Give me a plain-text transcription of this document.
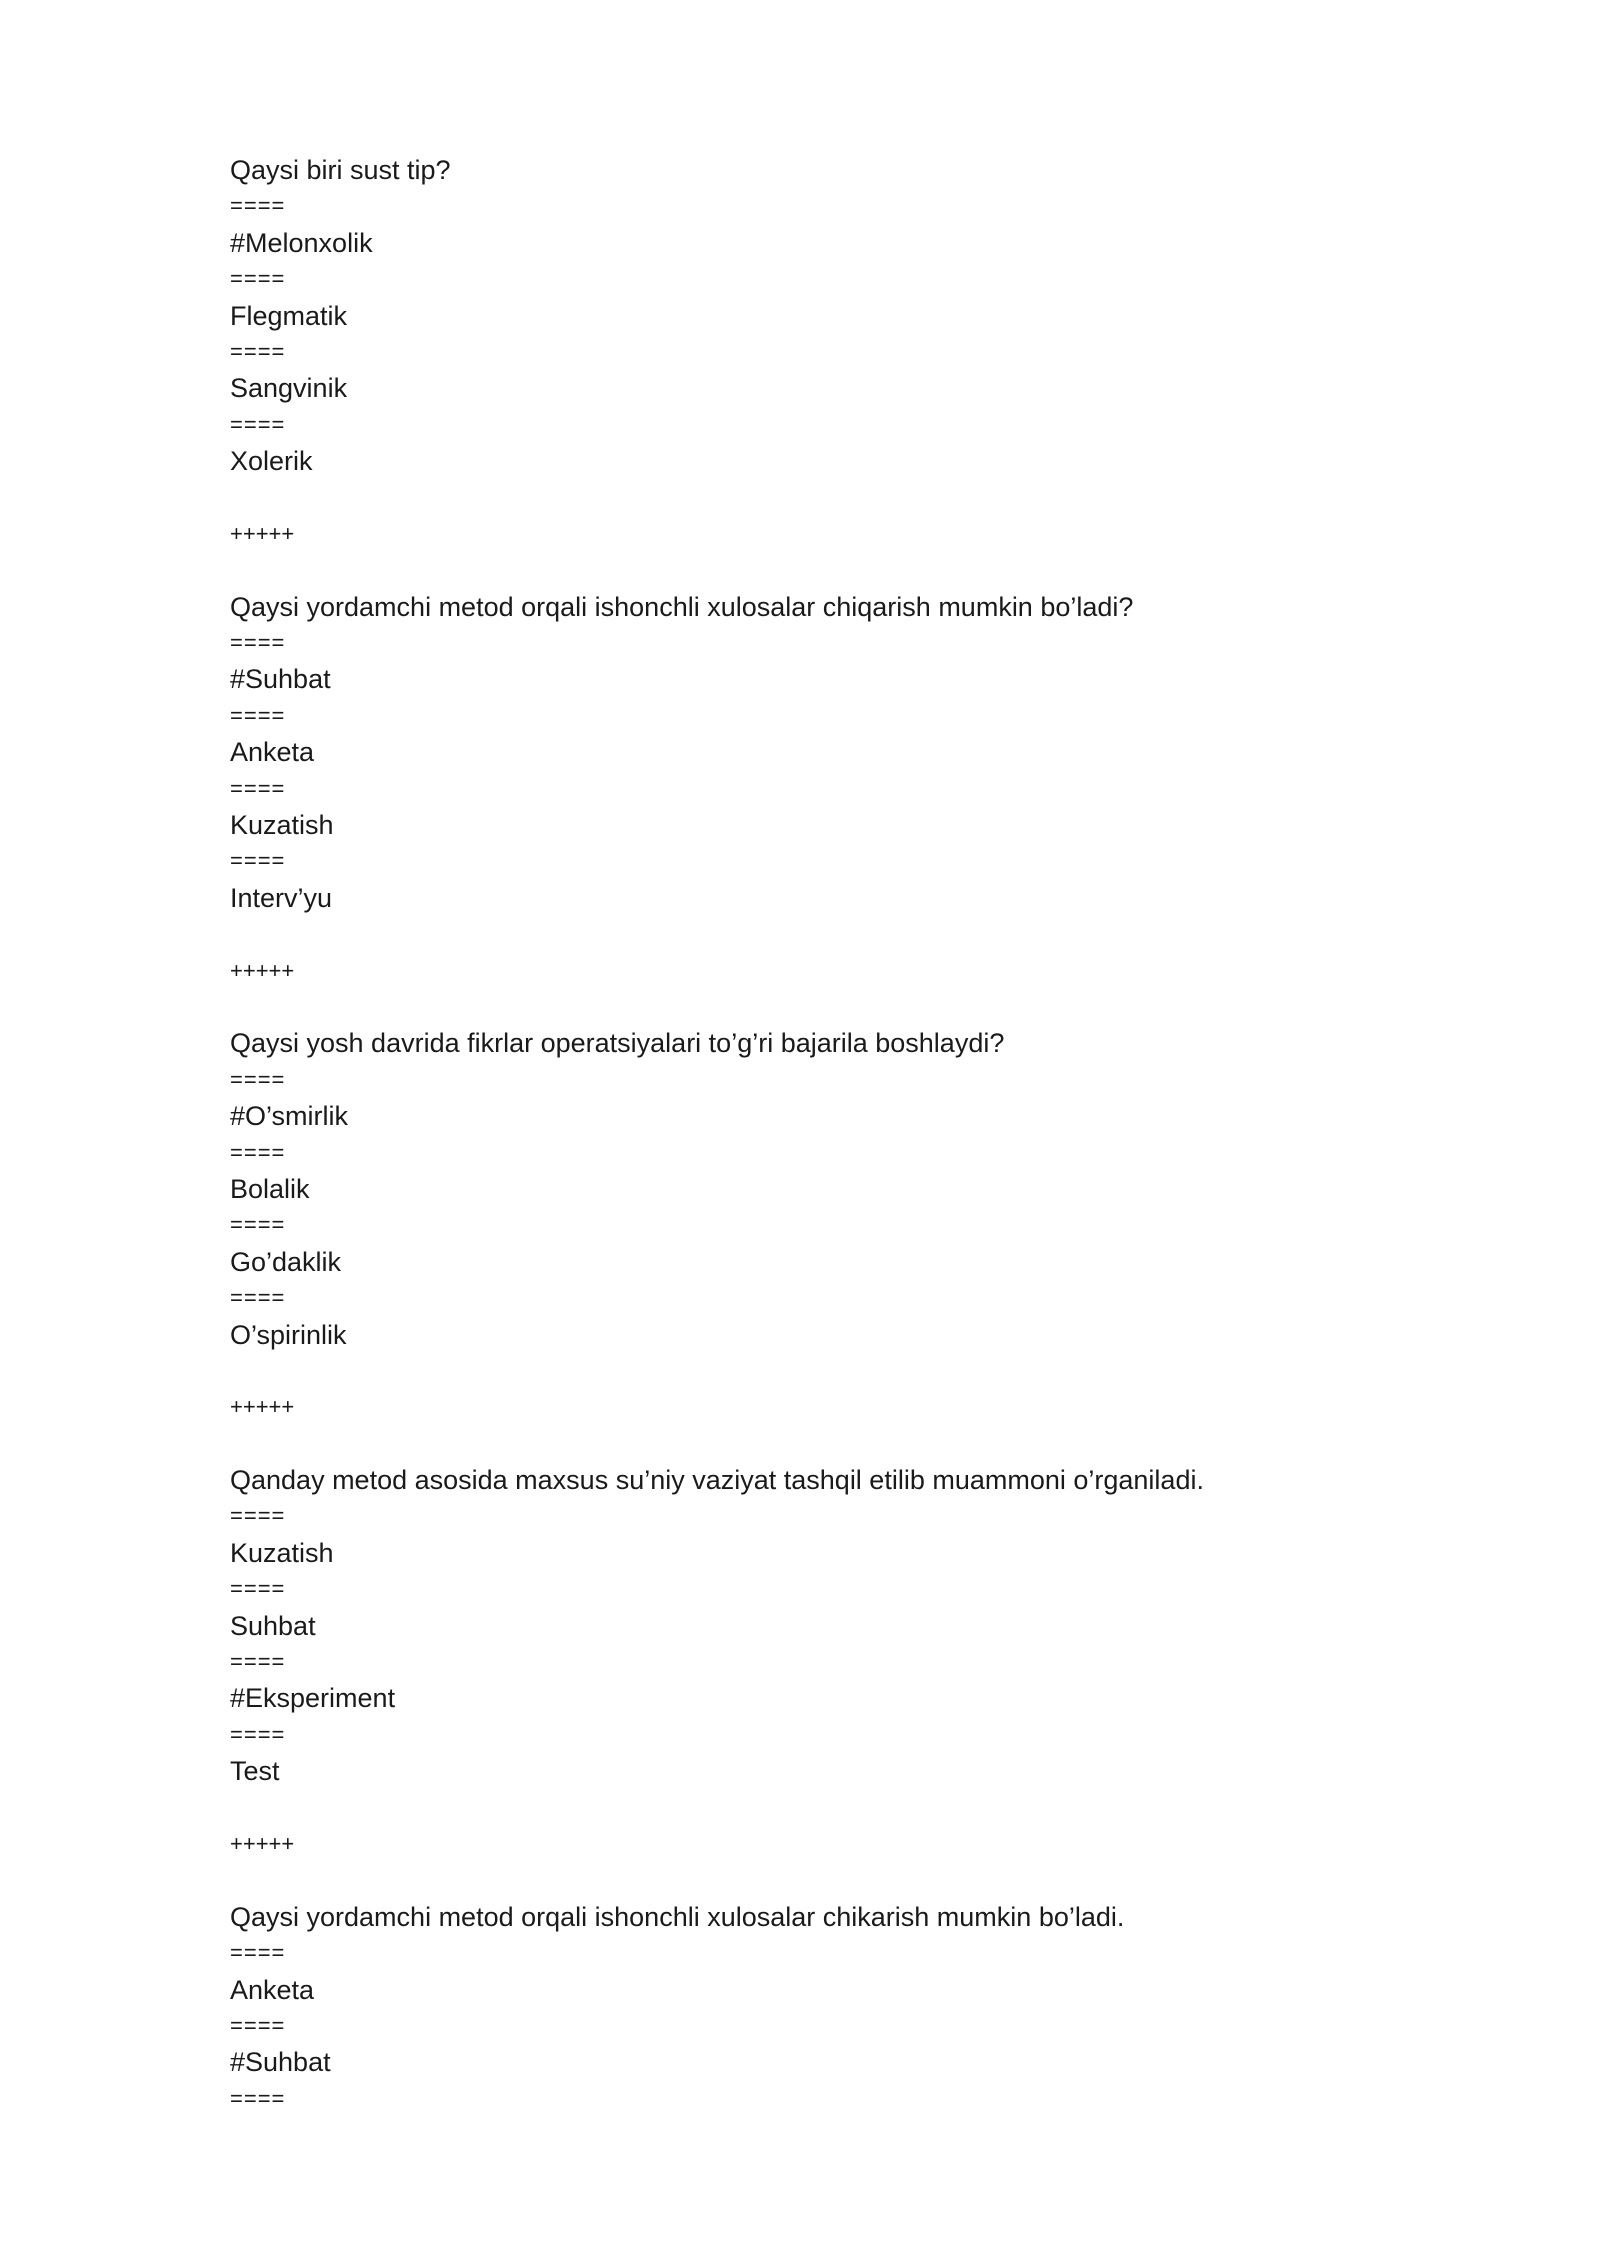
Qaysi biri sust tip?
====
#Melonxolik
====
Flegmatik
====
Sangvinik
====
Xolerik
+++++
Qaysi yordamchi metod orqali ishonchli xulosalar chiqarish mumkin bo’ladi?
====
#Suhbat
====
Anketa
====
Kuzatish
====
Interv’yu
+++++
Qaysi yosh davrida fikrlar operatsiyalari to’g’ri bajarila boshlaydi?
====
#O’smirlik
====
Bolalik
====
Go’daklik
====
O’spirinlik
+++++
Qanday metod asosida maxsus su’niy vaziyat tashqil etilib muammoni o’rganiladi.
====
Kuzatish
====
Suhbat
====
#Eksperiment
====
Test
+++++
Qaysi yordamchi metod orqali ishonchli xulosalar chikarish mumkin bo’ladi.
====
Anketa
====
#Suhbat
====
